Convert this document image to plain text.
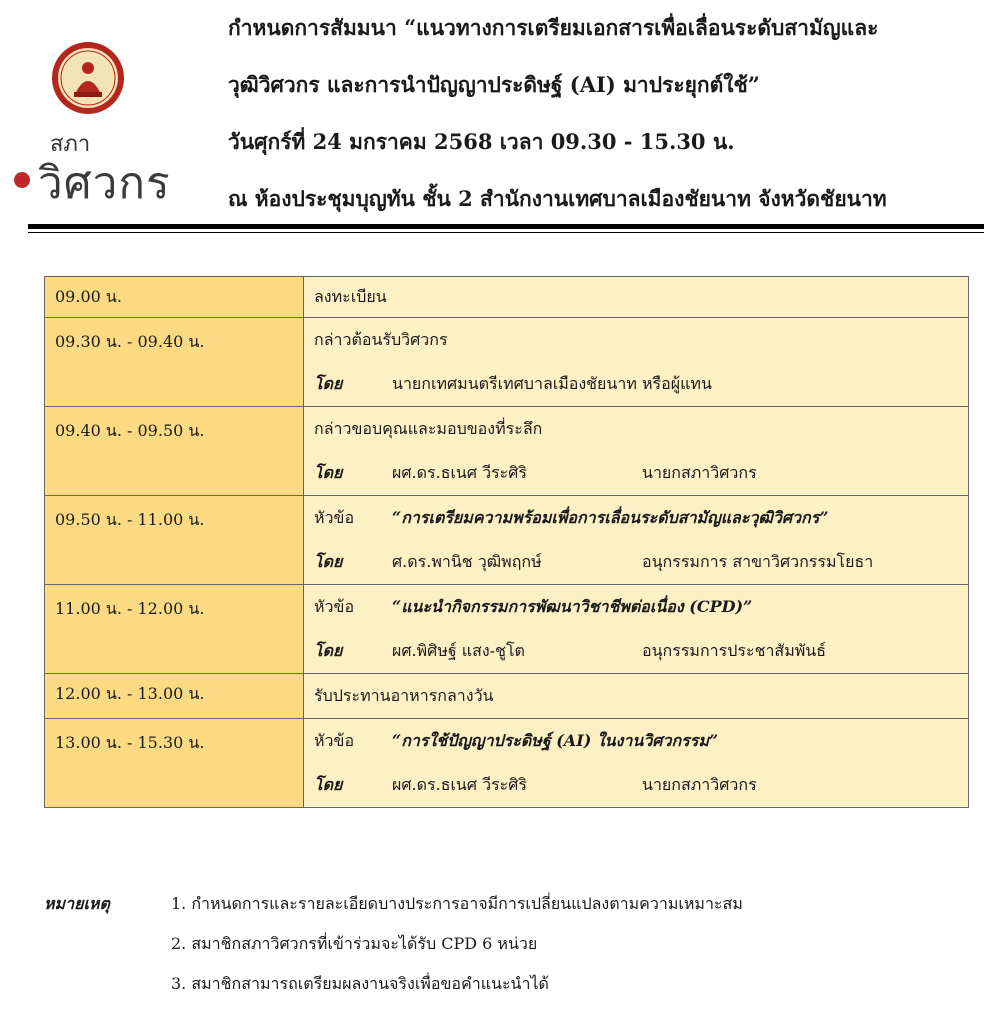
สภา
วิศวกร
กำหนดการสัมมนา “แนวทางการเตรียมเอกสารเพื่อเลื่อนระดับสามัญและ
วุฒิวิศวกร และการนำปัญญาประดิษฐ์ (AI) มาประยุกต์ใช้”
วันศุกร์ที่ 24 มกราคม 2568 เวลา 09.30 - 15.30 น.
ณ ห้องประชุมบุญทัน ชั้น 2 สำนักงานเทศบาลเมืองชัยนาท จังหวัดชัยนาท
09.00 น.	ลงทะเบียน

09.30 น. - 09.40 น.	กล่าวต้อนรับวิศวกร
โดย นายกเทศมนตรีเทศบาลเมืองชัยนาท หรือผู้แทน

09.40 น. - 09.50 น.	กล่าวขอบคุณและมอบของที่ระลึก
โดย ผศ.ดร.ธเนศ วีระศิริ นายกสภาวิศวกร

09.50 น. - 11.00 น.	หัวข้อ “การเตรียมความพร้อมเพื่อการเลื่อนระดับสามัญและวุฒิวิศวกร”
โดย ศ.ดร.พานิช วุฒิพฤกษ์ อนุกรรมการ สาขาวิศวกรรมโยธา

11.00 น. - 12.00 น.	หัวข้อ “แนะนำกิจกรรมการพัฒนาวิชาชีพต่อเนื่อง (CPD)”
โดย ผศ.พิศิษฐ์ แสง-ชูโต อนุกรรมการประชาสัมพันธ์

12.00 น. - 13.00 น.	รับประทานอาหารกลางวัน

13.00 น. - 15.30 น.	หัวข้อ “การใช้ปัญญาประดิษฐ์ (AI) ในงานวิศวกรรม”
โดย ผศ.ดร.ธเนศ วีระศิริ นายกสภาวิศวกร
หมายเหตุ	1. กำหนดการและรายละเอียดบางประการอาจมีการเปลี่ยนแปลงตามความเหมาะสม
2. สมาชิกสภาวิศวกรที่เข้าร่วมจะได้รับ CPD 6 หน่วย
3. สมาชิกสามารถเตรียมผลงานจริงเพื่อขอคำแนะนำได้
